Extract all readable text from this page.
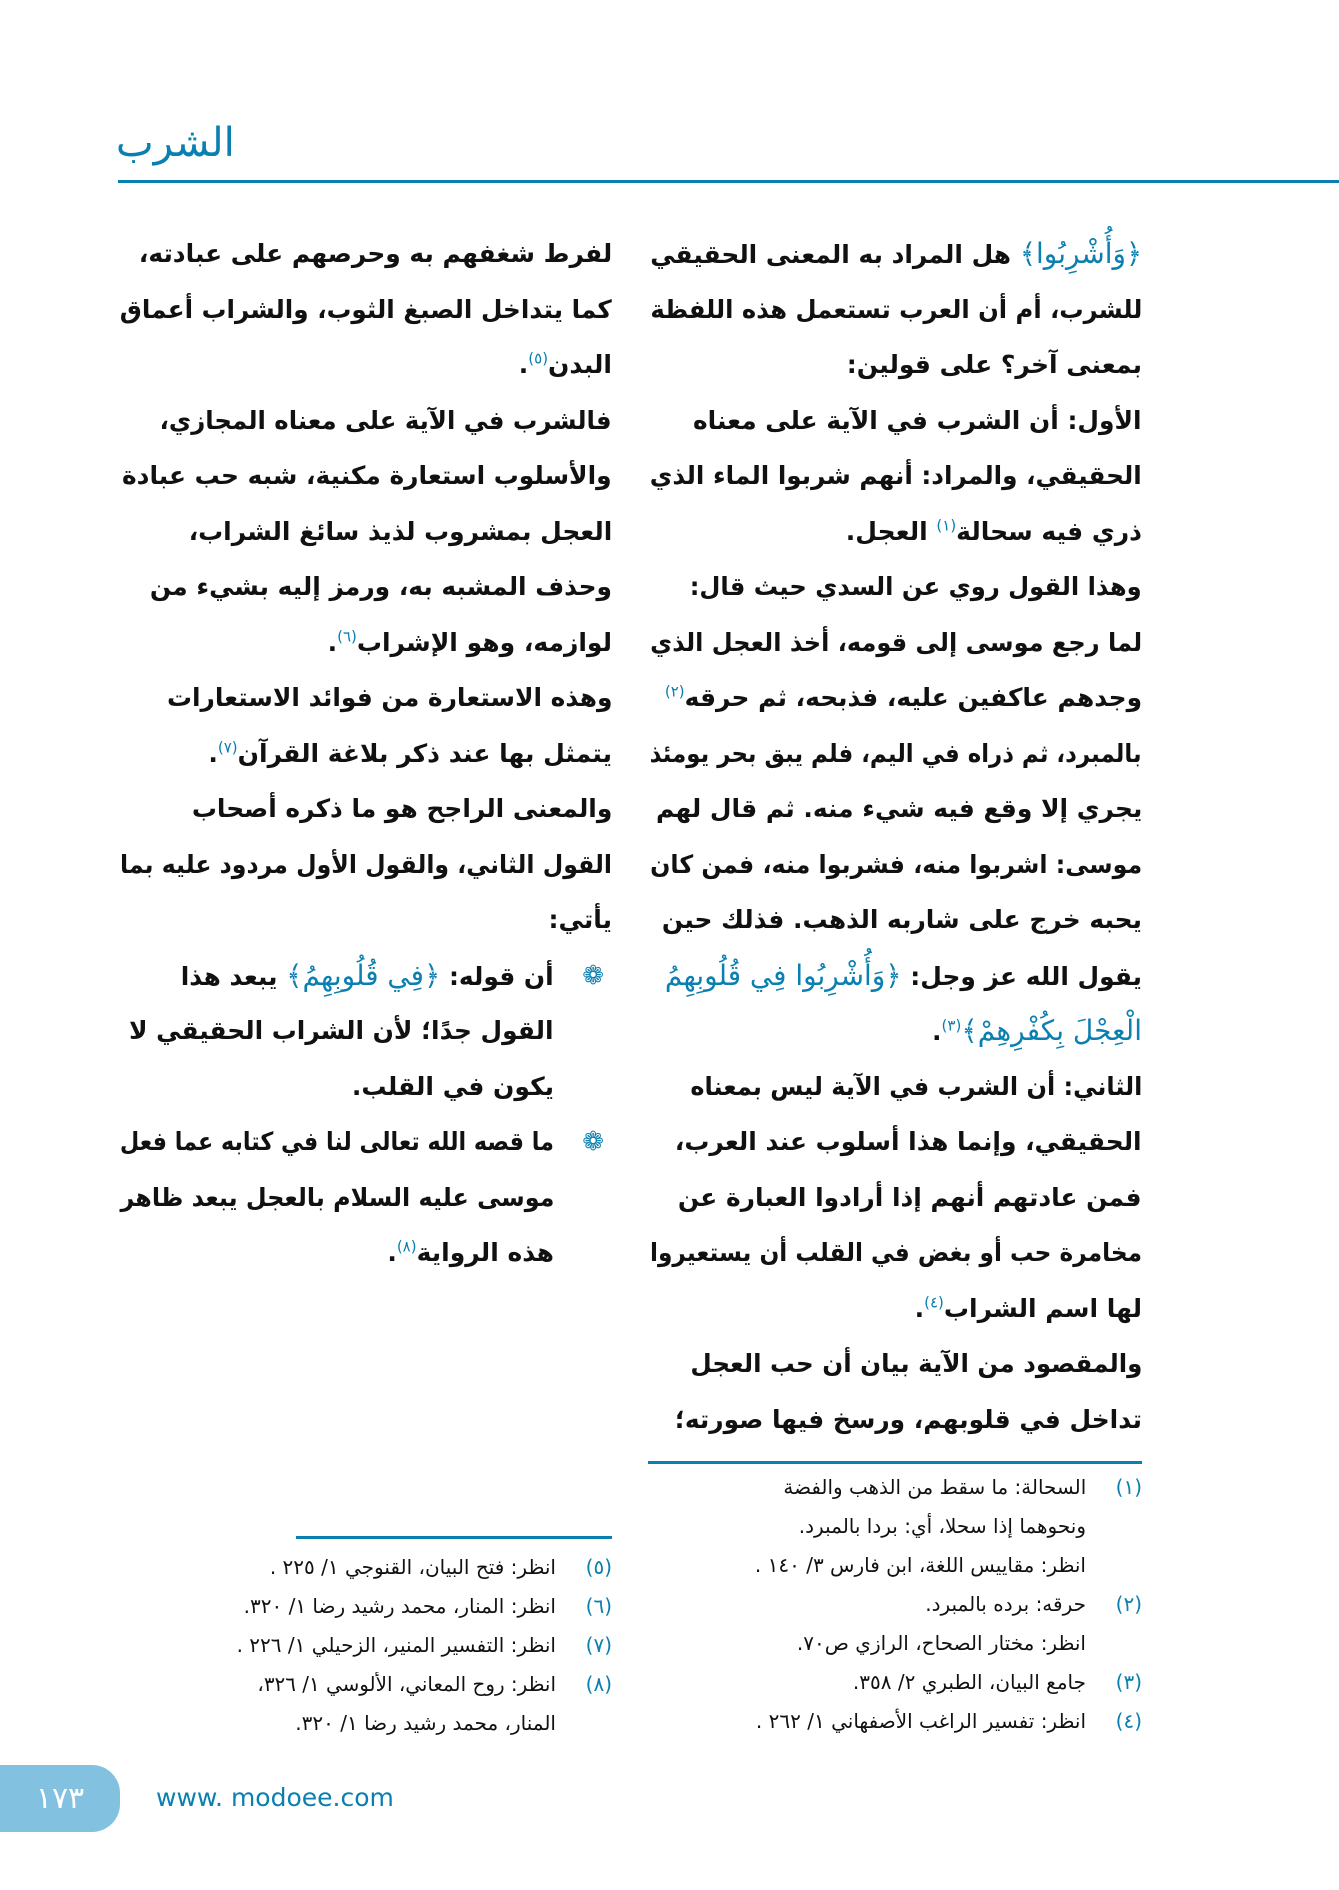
الشرب
﴿وَأُشْرِبُوا﴾ هل المراد به المعنى الحقيقي
للشرب، أم أن العرب تستعمل هذه اللفظة
بمعنى آخر؟ على قولين:
الأول: أن الشرب في الآية على معناه
الحقيقي، والمراد: أنهم شربوا الماء الذي
ذري فيه سحالة$^{(١)}$ العجل.
وهذا القول روي عن السدي حيث قال:
لما رجع موسى إلى قومه، أخذ العجل الذي
وجدهم عاكفين عليه، فذبحه، ثم حرقه$^{(٢)}$
بالمبرد، ثم ذراه في اليم، فلم يبق بحر يومئذ
يجري إلا وقع فيه شيء منه. ثم قال لهم
موسى: اشربوا منه، فشربوا منه، فمن كان
يحبه خرج على شاربه الذهب. فذلك حين
يقول الله عز وجل: ﴿وَأُشْرِبُوا فِي قُلُوبِهِمُ
الْعِجْلَ بِكُفْرِهِمْ﴾$^{(٣)}$.
الثاني: أن الشرب في الآية ليس بمعناه
الحقيقي، وإنما هذا أسلوب عند العرب،
فمن عادتهم أنهم إذا أرادوا العبارة عن
مخامرة حب أو بغض في القلب أن يستعيروا
لها اسم الشراب$^{(٤)}$.
والمقصود من الآية بيان أن حب العجل
تداخل في قلوبهم، ورسخ فيها صورته؛
لفرط شغفهم به وحرصهم على عبادته،
كما يتداخل الصبغ الثوب، والشراب أعماق
البدن$^{(٥)}$.
فالشرب في الآية على معناه المجازي،
والأسلوب استعارة مكنية، شبه حب عبادة
العجل بمشروب لذيذ سائغ الشراب،
وحذف المشبه به، ورمز إليه بشيء من
لوازمه، وهو الإشراب$^{(٦)}$.
وهذه الاستعارة من فوائد الاستعارات
يتمثل بها عند ذكر بلاغة القرآن$^{(٧)}$.
والمعنى الراجح هو ما ذكره أصحاب
القول الثاني، والقول الأول مردود عليه بما
يأتي:
❁
أن قوله: ﴿فِي قُلُوبِهِمُ﴾ يبعد هذا
القول جدًا؛ لأن الشراب الحقيقي لا
يكون في القلب.
❁
ما قصه الله تعالى لنا في كتابه عما فعل
موسى عليه السلام بالعجل يبعد ظاهر
هذه الرواية$^{(٨)}$.
(١)
السحالة: ما سقط من الذهب والفضة
ونحوهما إذا سحلا، أي: بردا بالمبرد.
انظر: مقاييس اللغة، ابن فارس ٣/ ١٤٠ .
(٢)
حرقه: برده بالمبرد.
انظر: مختار الصحاح، الرازي ص٧٠.
(٣)
جامع البيان، الطبري ٢/ ٣٥٨.
(٤)
انظر: تفسير الراغب الأصفهاني ١/ ٢٦٢ .
(٥)
انظر: فتح البيان، القنوجي ١/ ٢٢٥ .
(٦)
انظر: المنار، محمد رشيد رضا ١/ ٣٢٠.
(٧)
انظر: التفسير المنير، الزحيلي ١/ ٢٢٦ .
(٨)
انظر: روح المعاني، الألوسي ١/ ٣٢٦،
المنار، محمد رشيد رضا ١/ ٣٢٠.
١٧٣	www. modoee.com
